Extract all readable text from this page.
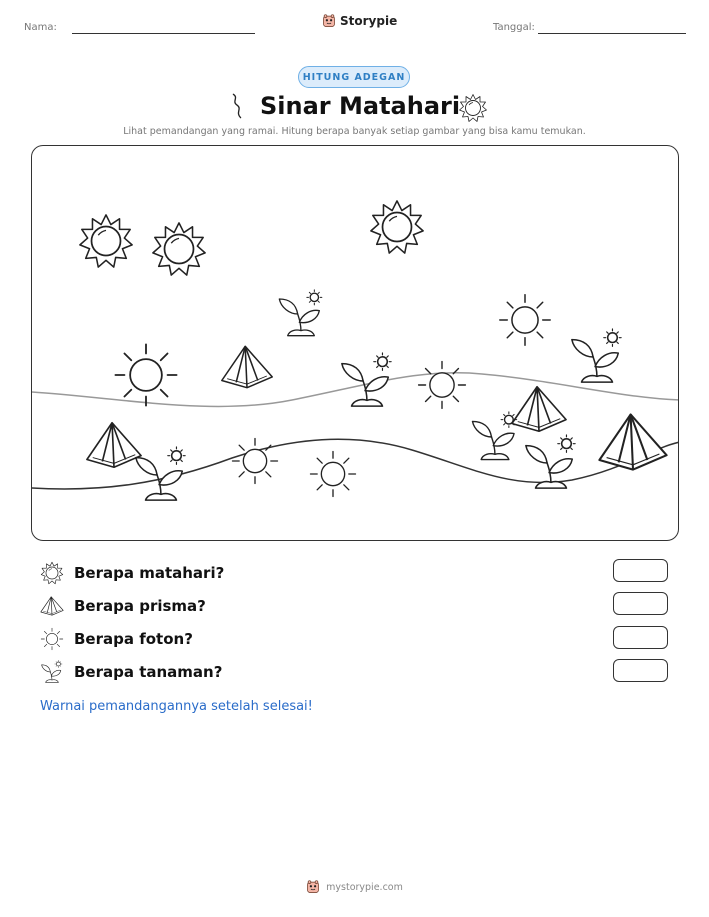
Nama:	Storypie	Tanggal:
HITUNG ADEGAN
Sinar Matahari
Lihat pemandangan yang ramai. Hitung berapa banyak setiap gambar yang bisa kamu temukan.
Berapa matahari?
Berapa prisma?
Berapa foton?
Berapa tanaman?
Warnai pemandangannya setelah selesai!
mystorypie.com
